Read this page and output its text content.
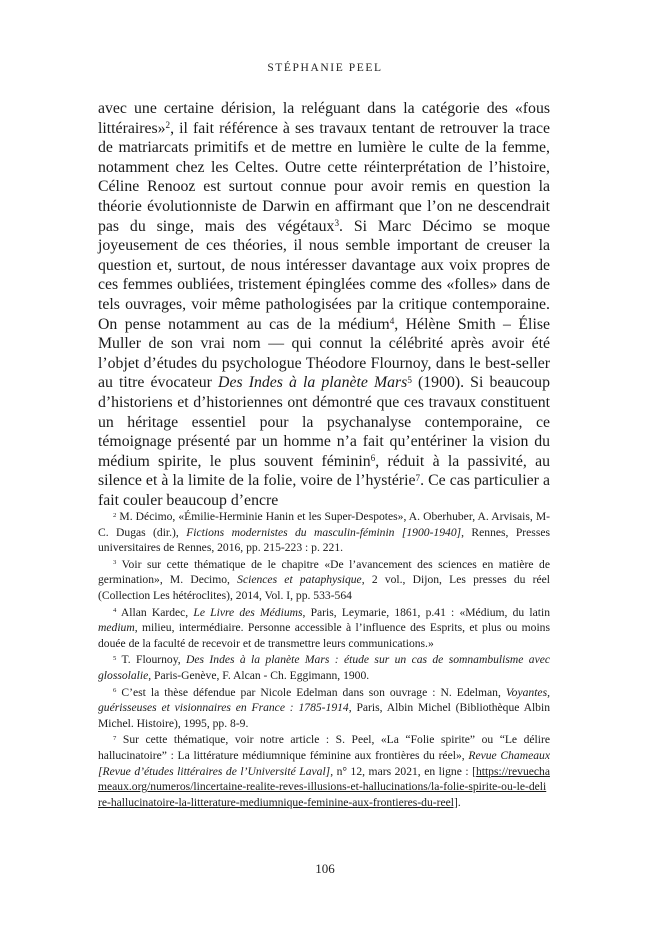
STÉPHANIE PEEL

avec une certaine dérision, la reléguant dans la catégorie des «fous littéraires»$^2$, il fait référence à ses travaux tentant de retrouver la trace de matriarcats primitifs et de mettre en lumière le culte de la femme, notamment chez les Celtes. Outre cette réinterprétation de l’histoire, Céline Renooz est surtout connue pour avoir remis en question la théorie évolutionniste de Darwin en affirmant que l’on ne descendrait pas du singe, mais des végétaux$^3$. Si Marc Décimo se moque joyeusement de ces théories, il nous semble important de creuser la question et, surtout, de nous intéresser davantage aux voix propres de ces femmes oubliées, tristement épinglées comme des «folles» dans de tels ouvrages, voir même pathologisées par la critique contemporaine. On pense notamment au cas de la médium$^4$, Hélène Smith – Élise Muller de son vrai nom — qui connut la célébrité après avoir été l’objet d’études du psychologue Théodore Flournoy, dans le best-seller au titre évocateur Des Indes à la planète Mars$^5$ (1900). Si beaucoup d’historiens et d’historiennes ont démontré que ces travaux constituent un héritage essentiel pour la psychanalyse contemporaine, ce témoignage présenté par un homme n’a fait qu’entériner la vision du médium spirite, le plus souvent féminin$^6$, réduit à la passivité, au silence et à la limite de la folie, voire de l’hystérie$^7$. Ce cas particulier a fait couler beaucoup d’encre

$^2$ M. Décimo, «Émilie-Herminie Hanin et les Super-Despotes», A. Oberhuber, A. Arvisais, M-C. Dugas (dir.), Fictions modernistes du masculin-féminin [1900-1940], Rennes, Presses universitaires de Rennes, 2016, pp. 215-223 : p. 221.

$^3$ Voir sur cette thématique de le chapitre «De l’avancement des sciences en matière de germination», M. Decimo, Sciences et pataphysique, 2 vol., Dijon, Les presses du réel (Collection Les hétéroclites), 2014, Vol. I, pp. 533-564

$^4$ Allan Kardec, Le Livre des Médiums, Paris, Leymarie, 1861, p.41 : «Médium, du latin medium, milieu, intermédiaire. Personne accessible à l’influence des Esprits, et plus ou moins douée de la faculté de recevoir et de transmettre leurs communications.»

$^5$ T. Flournoy, Des Indes à la planète Mars : étude sur un cas de somnambulisme avec glossolalie, Paris-Genève, F. Alcan - Ch. Eggimann, 1900.

$^6$ C’est la thèse défendue par Nicole Edelman dans son ouvrage : N. Edelman, Voyantes, guérisseuses et visionnaires en France : 1785-1914, Paris, Albin Michel (Bibliothèque Albin Michel. Histoire), 1995, pp. 8-9.

$^7$ Sur cette thématique, voir notre article : S. Peel, «La “Folie spirite” ou “Le délire hallucinatoire” : La littérature médiumnique féminine aux frontières du réel», Revue Chameaux [Revue d’études littéraires de l’Université Laval], n° 12, mars 2021, en ligne : [https://revuechameaux.org/numeros/lincertaine-realite-reves-illusions-et-hallucinations/la-folie-spirite-ou-le-delire-hallucinatoire-la-litterature-mediumnique-feminine-aux-frontieres-du-reel].

106
